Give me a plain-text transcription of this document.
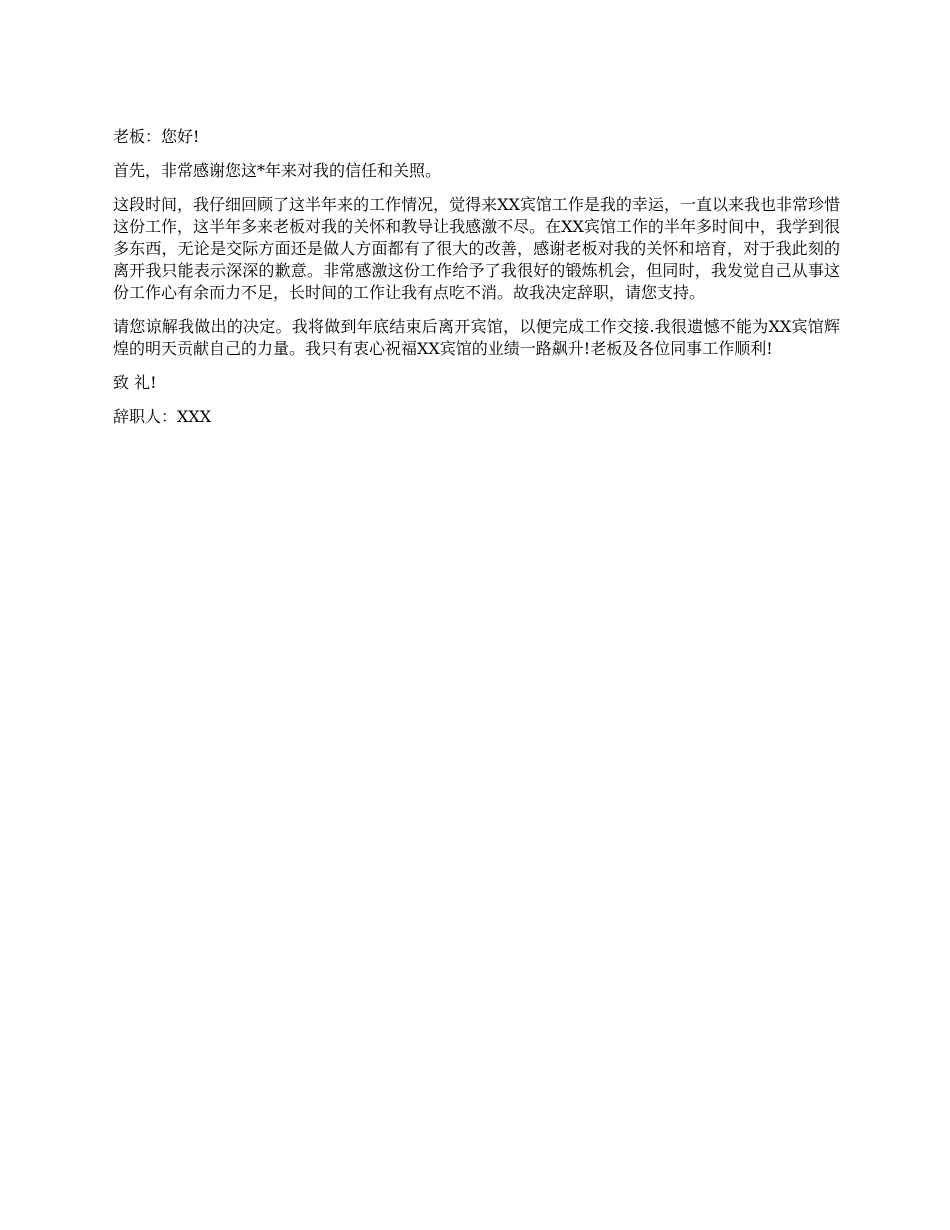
老板：您好!

首先，非常感谢您这*年来对我的信任和关照。

这段时间，我仔细回顾了这半年来的工作情况，觉得来XX宾馆工作是我的幸运，一直以来我也非常珍惜这份工作，这半年多来老板对我的关怀和教导让我感激不尽。在XX宾馆工作的半年多时间中，我学到很多东西，无论是交际方面还是做人方面都有了很大的改善，感谢老板对我的关怀和培育，对于我此刻的离开我只能表示深深的歉意。非常感激这份工作给予了我很好的锻炼机会，但同时，我发觉自己从事这份工作心有余而力不足，长时间的工作让我有点吃不消。故我决定辞职，请您支持。

请您谅解我做出的决定。我将做到年底结束后离开宾馆，以便完成工作交接.我很遗憾不能为XX宾馆辉煌的明天贡献自己的力量。我只有衷心祝福XX宾馆的业绩一路飙升!老板及各位同事工作顺利!

致 礼!

辞职人：XXX
